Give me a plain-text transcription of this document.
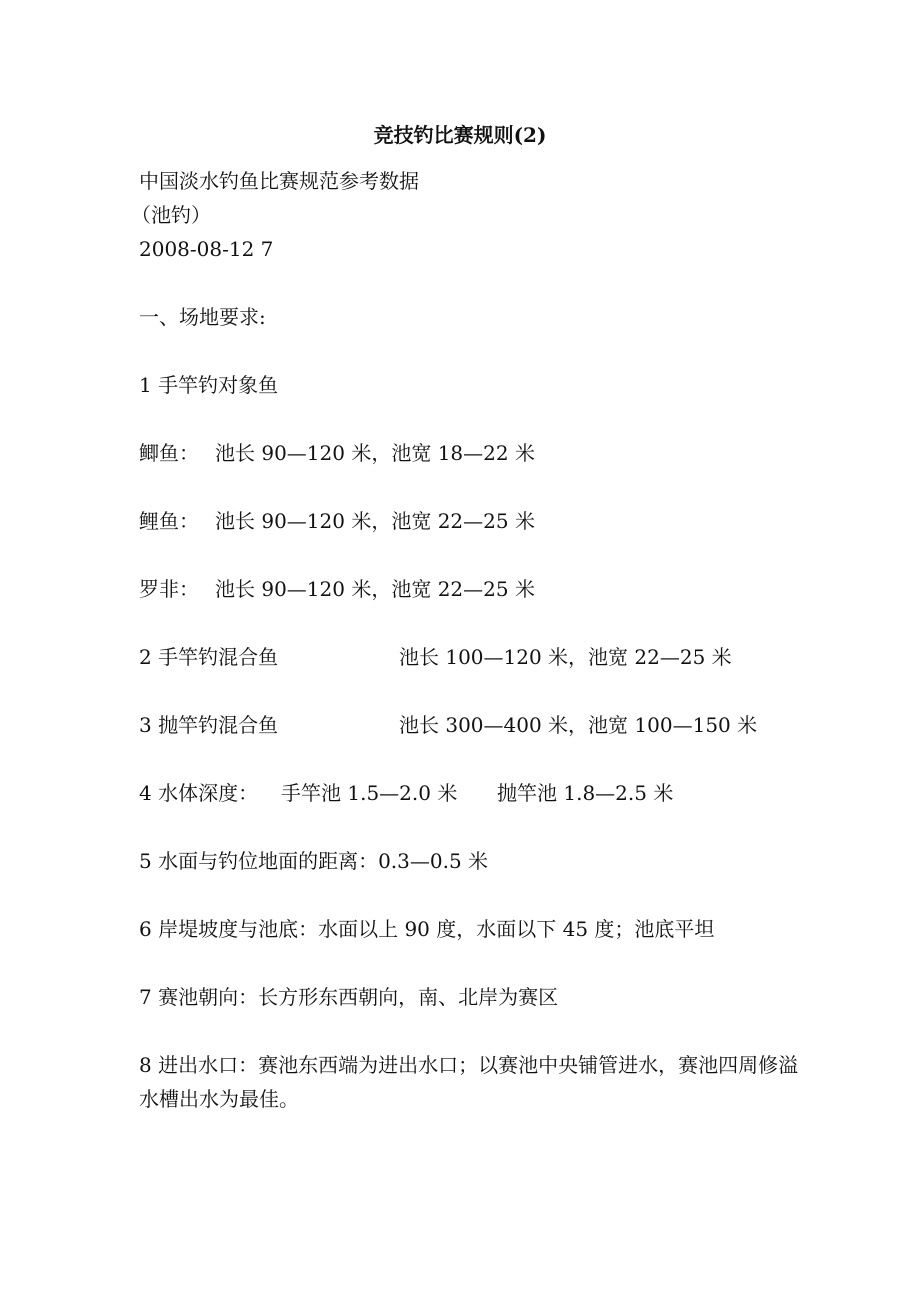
竞技钓比赛规则(2)
中国淡水钓鱼比赛规范参考数据
（池钓）
2008-08-12 7
一、场地要求:
1 手竿钓对象鱼
鲫鱼： 池长 90—120 米，池宽 18—22 米
鲤鱼： 池长 90—120 米，池宽 22—25 米
罗非： 池长 90—120 米，池宽 22—25 米
2 手竿钓混合鱼	池长 100—120 米，池宽 22—25 米
3 抛竿钓混合鱼	池长 300—400 米，池宽 100—150 米
4 水体深度： 手竿池 1.5—2.0 米 抛竿池 1.8—2.5 米
5 水面与钓位地面的距离：0.3—0.5 米
6 岸堤坡度与池底：水面以上 90 度，水面以下 45 度；池底平坦
7 赛池朝向：长方形东西朝向，南、北岸为赛区
8 进出水口：赛池东西端为进出水口；以赛池中央铺管进水，赛池四周修溢水槽出水为最佳。
